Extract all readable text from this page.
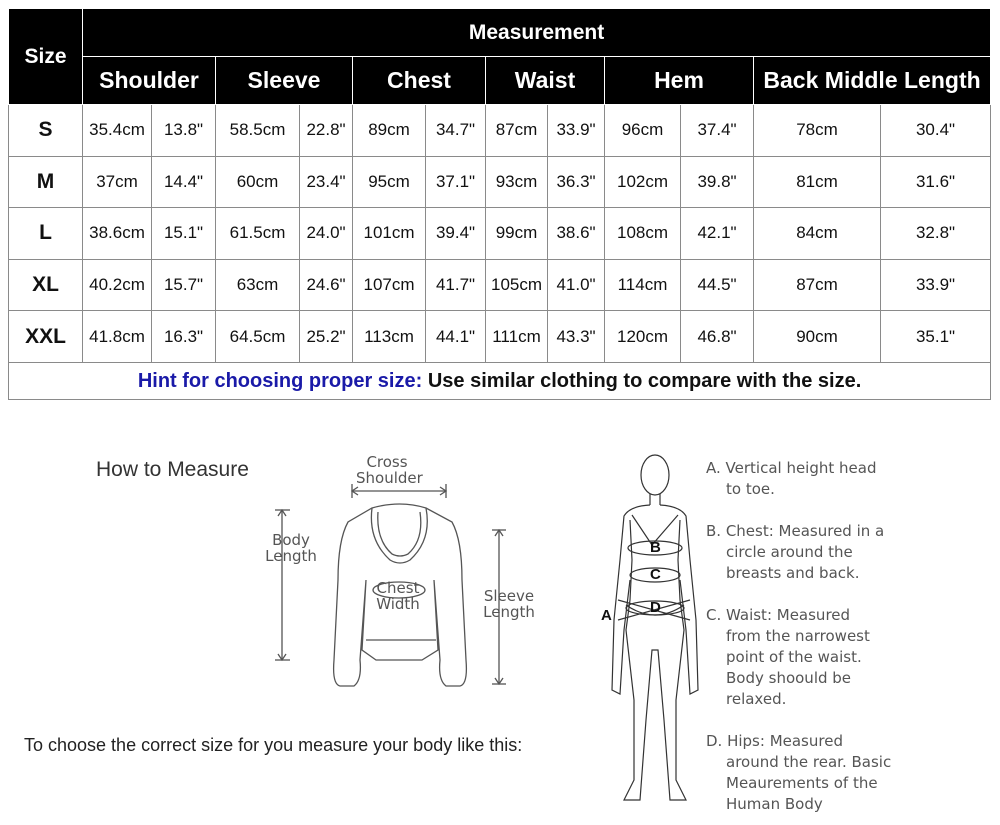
Size	Measurement											
	Shoulder		Sleeve		Chest		Waist		Hem		Back Middle Length	
S	35.4cm	13.8"	58.5cm	22.8"	89cm	34.7"	87cm	33.9"	96cm	37.4"	78cm	30.4"
M	37cm	14.4"	60cm	23.4"	95cm	37.1"	93cm	36.3"	102cm	39.8"	81cm	31.6"
L	38.6cm	15.1"	61.5cm	24.0"	101cm	39.4"	99cm	38.6"	108cm	42.1"	84cm	32.8"
XL	40.2cm	15.7"	63cm	24.6"	107cm	41.7"	105cm	41.0"	114cm	44.5"	87cm	33.9"
XXL	41.8cm	16.3"	64.5cm	25.2"	113cm	44.1"	111cm	43.3"	120cm	46.8"	90cm	35.1"
Hint for choosing proper size: Use similar clothing to compare with the size.												
How to Measure	Cross
Shoulder
Body
Length
Chest
Width	Sleeve
Length
To choose the correct size for you measure your body like this:
B
C
D
A
A. Vertical height head
to toe.
B. Chest: Measured in a
circle around the breasts and back.
C. Waist: Measured
from the narrowest point of the waist. Body shoould be relaxed.
D. Hips: Measured
around the rear. Basic Meaurements of the Human Body
